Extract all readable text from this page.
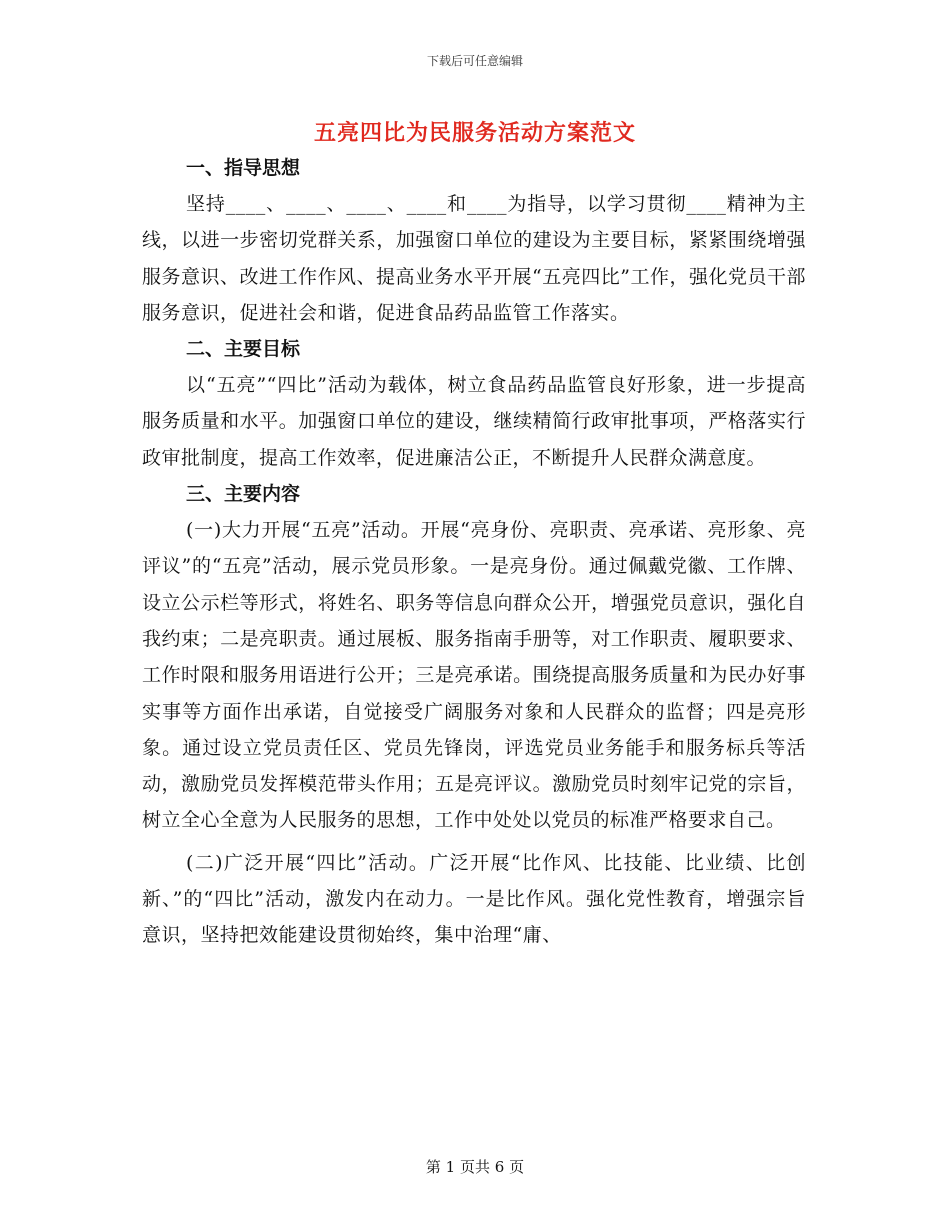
下载后可任意编辑
五亮四比为民服务活动方案范文
一、指导思想

坚持____、____、____、____和____为指导，以学习贯彻____精神为主线，以进一步密切党群关系，加强窗口单位的建设为主要目标，紧紧围绕增强服务意识、改进工作作风、提高业务水平开展“五亮四比”工作，强化党员干部服务意识，促进社会和谐，促进食品药品监管工作落实。

二、主要目标

以“五亮”“四比”活动为载体，树立食品药品监管良好形象，进一步提高服务质量和水平。加强窗口单位的建设，继续精简行政审批事项，严格落实行政审批制度，提高工作效率，促进廉洁公正，不断提升人民群众满意度。

三、主要内容

(一)大力开展“五亮”活动。开展“亮身份、亮职责、亮承诺、亮形象、亮评议”的“五亮”活动，展示党员形象。一是亮身份。通过佩戴党徽、工作牌、设立公示栏等形式，将姓名、职务等信息向群众公开，增强党员意识，强化自我约束；二是亮职责。通过展板、服务指南手册等，对工作职责、履职要求、工作时限和服务用语进行公开；三是亮承诺。围绕提高服务质量和为民办好事实事等方面作出承诺，自觉接受广阔服务对象和人民群众的监督；四是亮形象。通过设立党员责任区、党员先锋岗，评选党员业务能手和服务标兵等活动，激励党员发挥模范带头作用；五是亮评议。激励党员时刻牢记党的宗旨，树立全心全意为人民服务的思想，工作中处处以党员的标准严格要求自己。

(二)广泛开展“四比”活动。广泛开展“比作风、比技能、比业绩、比创新、”的“四比”活动，激发内在动力。一是比作风。强化党性教育，增强宗旨意识，坚持把效能建设贯彻始终，集中治理“庸、

第 1 页共 6 页
